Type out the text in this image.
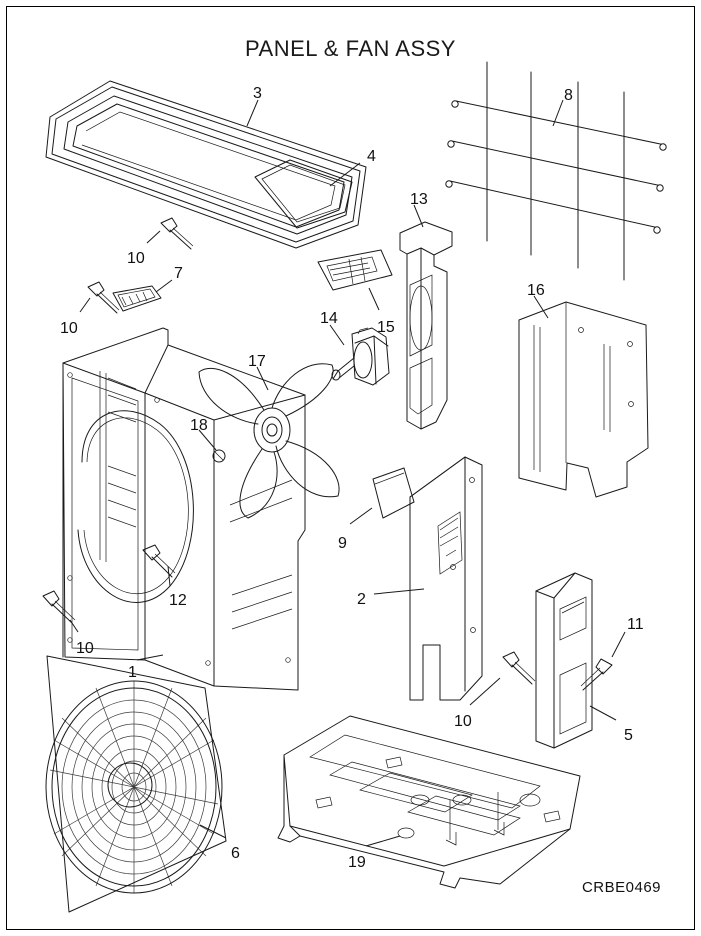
PANEL & FAN ASSY
3
4
8
13
10
7
10
14
15
16
17
18
9
12	2
10
1
11
10
5
6
19
CRBE0469
